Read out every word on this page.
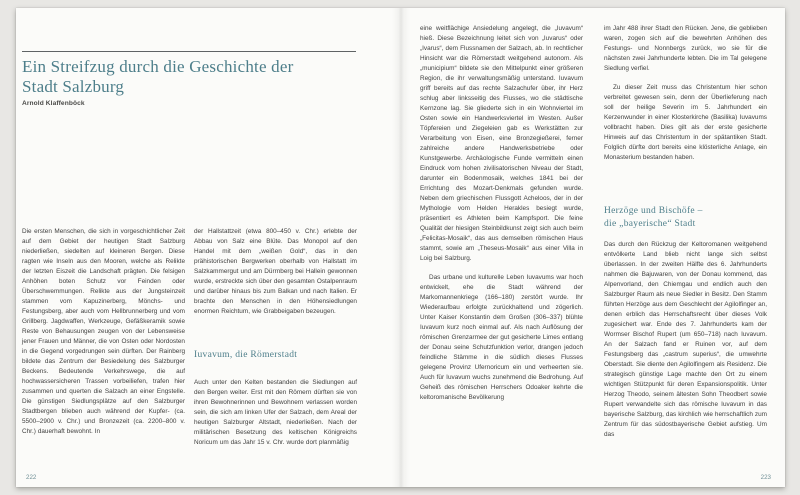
Ein Streifzug durch die Geschichte der Stadt Salzburg
Arnold Klaffenböck

Die ersten Menschen, die sich in vorgeschichtlicher Zeit auf dem Gebiet der heutigen Stadt Salzburg niederließen, siedelten auf kleineren Bergen. Diese ragten wie Inseln aus den Mooren, welche als Relikte der letzten Eiszeit die Landschaft prägten. Die felsigen Anhöhen boten Schutz vor Feinden oder Überschwemmungen. Relikte aus der Jungsteinzeit stammen vom Kapuzinerberg, Mönchs- und Festungsberg, aber auch vom Hellbrunnerberg und vom Grillberg. Jagdwaffen, Werkzeuge, Gefäßkeramik sowie Reste von Behausungen zeugen von der Lebensweise jener Frauen und Männer, die von Osten oder Nordosten in die Gegend vorgedrungen sein dürften. Der Rainberg bildete das Zentrum der Besiedelung des Salzburger Beckens. Bedeutende Verkehrswege, die auf hochwassersicheren Trassen vorbeiliefen, trafen hier zusammen und querten die Salzach an einer Engstelle. Die günstigen Siedlungsplätze auf den Salzburger Stadtbergen blieben auch während der Kupfer- (ca. 5500–2900 v. Chr.) und Bronzezeit (ca. 2200–800 v. Chr.) dauerhaft bewohnt. In

der Hallstattzeit (etwa 800–450 v. Chr.) erlebte der Abbau von Salz eine Blüte. Das Monopol auf den Handel mit dem „weißen Gold“, das in den prähistorischen Bergwerken oberhalb von Hallstatt im Salzkammergut und am Dürrnberg bei Hallein gewonnen wurde, erstreckte sich über den gesamten Ostalpenraum und darüber hinaus bis zum Balkan und nach Italien. Er brachte den Menschen in den Höhensiedlungen enormen Reichtum, wie Grabbeigaben bezeugen.

Iuvavum, die Römerstadt

Auch unter den Kelten bestanden die Siedlungen auf den Bergen weiter. Erst mit den Römern dürften sie von ihren Bewohnerinnen und Bewohnern verlassen worden sein, die sich am linken Ufer der Salzach, dem Areal der heutigen Salzburger Altstadt, niederließen. Nach der militärischen Besetzung des keltischen Königreichs Noricum um das Jahr 15 v. Chr. wurde dort planmäßig

222

eine weitflächige Ansiedelung angelegt, die „Iuvavum“ hieß. Diese Bezeichnung leitet sich von „Iuvarus“ oder „Ivarus“, dem Flussnamen der Salzach, ab. In rechtlicher Hinsicht war die Römerstadt weitgehend autonom. Als „municipium“ bildete sie den Mittelpunkt einer größeren Region, die ihr verwaltungsmäßig unterstand. Iuvavum griff bereits auf das rechte Salzachufer über, ihr Herz schlug aber linksseitig des Flusses, wo die städtische Kernzone lag. Sie gliederte sich in ein Wohnviertel im Osten sowie ein Handwerksviertel im Westen. Außer Töpfereien und Ziegeleien gab es Werkstätten zur Verarbeitung von Eisen, eine Bronzegießerei, ferner zahlreiche andere Handwerksbetriebe oder Kunstgewerbe. Archäologische Funde vermitteln einen Eindruck vom hohen zivilisatorischen Niveau der Stadt, darunter ein Bodenmosaik, welches 1841 bei der Errichtung des Mozart-Denkmals gefunden wurde. Neben dem griechischen Flussgott Acheloos, der in der Mythologie vom Helden Herakles besiegt wurde, präsentiert es Athleten beim Kampfsport. Die feine Qualität der hiesigen Steinbildkunst zeigt sich auch beim „Felicitas-Mosaik“, das aus demselben römischen Haus stammt, sowie am „Theseus-Mosaik“ aus einer Villa in Loig bei Salzburg.

Das urbane und kulturelle Leben Iuvavums war hoch entwickelt, ehe die Stadt während der Markomannenkriege (166–180) zerstört wurde. Ihr Wiederaufbau erfolgte zurückhaltend und zögerlich. Unter Kaiser Konstantin dem Großen (306–337) blühte Iuvavum kurz noch einmal auf. Als nach Auflösung der römischen Grenzarmee der gut gesicherte Limes entlang der Donau seine Schutzfunktion verlor, drangen jedoch feindliche Stämme in die südlich dieses Flusses gelegene Provinz Ufernoricum ein und verheerten sie. Auch für Iuvavum wuchs zunehmend die Bedrohung. Auf Geheiß des römischen Herrschers Odoaker kehrte die keltoromanische Bevölkerung

im Jahr 488 ihrer Stadt den Rücken. Jene, die geblieben waren, zogen sich auf die bewehrten Anhöhen des Festungs- und Nonnbergs zurück, wo sie für die nächsten zwei Jahrhunderte lebten. Die im Tal gelegene Siedlung verfiel.

Zu dieser Zeit muss das Christentum hier schon verbreitet gewesen sein, denn der Überlieferung nach soll der heilige Severin im 5. Jahrhundert ein Kerzenwunder in einer Klosterkirche (Basilika) Iuvavums vollbracht haben. Dies gilt als der erste gesicherte Hinweis auf das Christentum in der spätantiken Stadt. Folglich dürfte dort bereits eine klösterliche Anlage, ein Monasterium bestanden haben.

Herzöge und Bischöfe –
die „bayerische“ Stadt

Das durch den Rückzug der Keltoromanen weitgehend entvölkerte Land blieb nicht lange sich selbst überlassen. In der zweiten Hälfte des 6. Jahrhunderts nahmen die Bajuwaren, von der Donau kommend, das Alpenvorland, den Chiemgau und endlich auch den Salzburger Raum als neue Siedler in Besitz. Den Stamm führten Herzöge aus dem Geschlecht der Agilolfinger an, denen erblich das Herrschaftsrecht über dieses Volk zugesichert war. Ende des 7. Jahrhunderts kam der Wormser Bischof Rupert (um 650–718) nach Iuvavum. An der Salzach fand er Ruinen vor, auf dem Festungsberg das „castrum superius“, die umwehrte Oberstadt. Sie diente den Agilolfingern als Residenz. Die strategisch günstige Lage machte den Ort zu einem wichtigen Stützpunkt für deren Expansionspolitik. Unter Herzog Theodo, seinem ältesten Sohn Theodbert sowie Rupert verwandelte sich das römische Iuvavum in das bayerische Salzburg, das kirchlich wie herrschaftlich zum Zentrum für das südostbayerische Gebiet aufstieg. Um das

223
